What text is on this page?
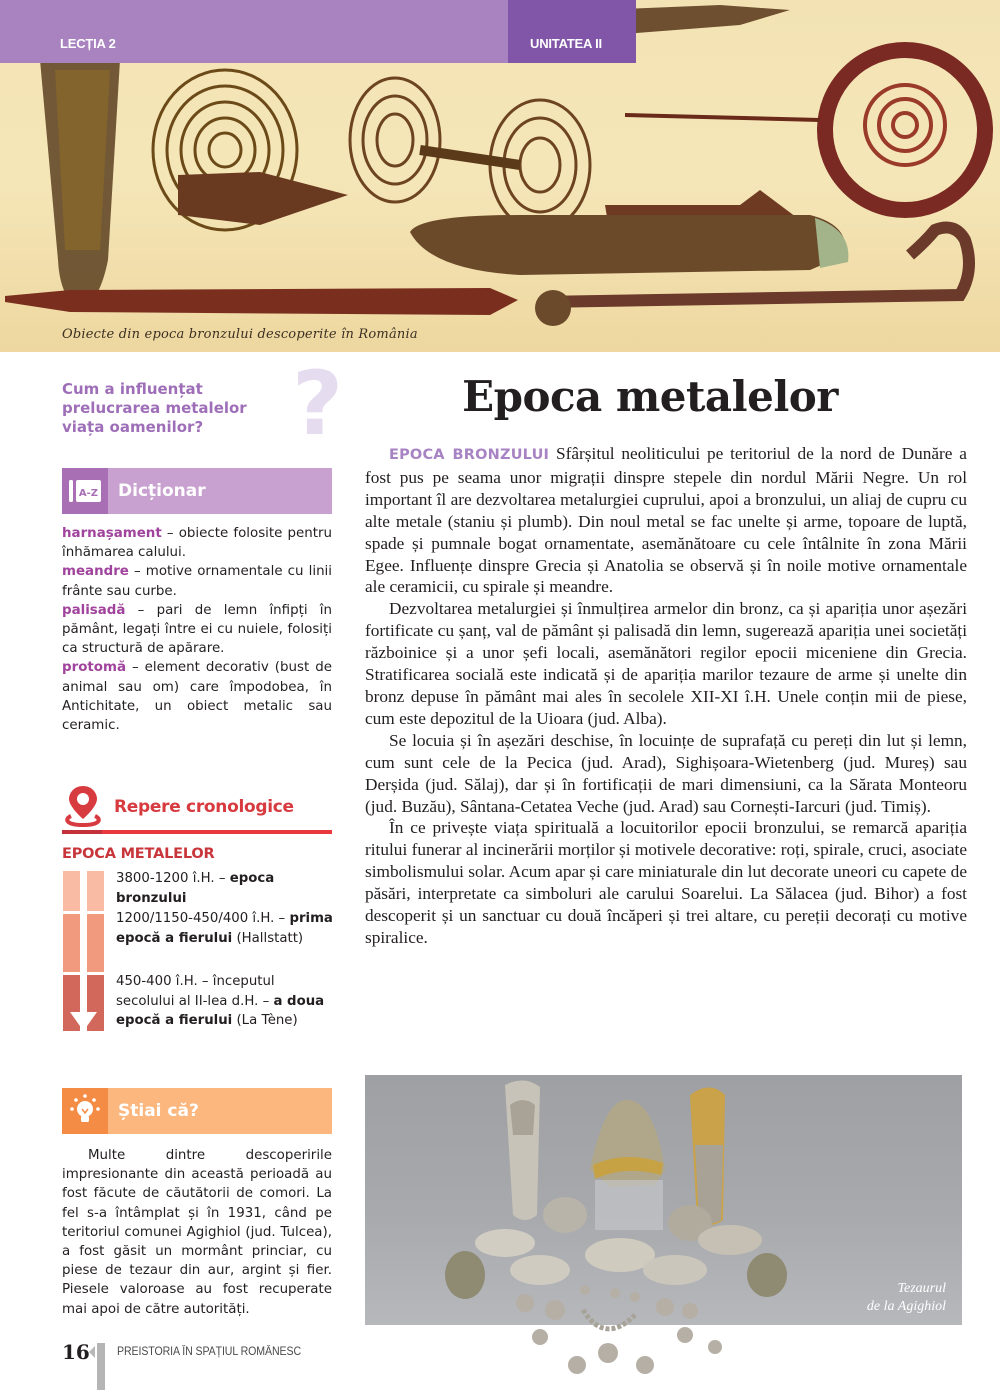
Obiecte din epoca bronzului descoperite în România
LECȚIA 2	UNITATEA II
Cum a influențat prelucrarea metalelor viața oamenilor?	?
A-Z	Dicționar

harnașament – obiecte folosite pentru înhămarea calului.

meandre – motive ornamentale cu linii frânte sau curbe.

palisadă – pari de lemn înfipți în pământ, legați între ei cu nuiele, folosiți ca structură de apărare.

protomă – element decorativ (bust de animal sau om) care împodobea, în Antichitate, un obiect metalic sau ceramic.

Repere cronologice
EPOCA METALELOR
3800-1200 î.H. – epoca bronzului
1200/1150-450/400 î.H. – prima epocă a fierului (Hallstatt)
450-400 î.H. – începutul secolului al II-lea d.H. – a doua epocă a fierului (La Tène)
Știai că?
Multe dintre descoperirile impresionante din această perioadă au fost făcute de căutătorii de comori. La fel s-a întâmplat și în 1931, când pe teritoriul comunei Agighiol (jud. Tulcea), a fost găsit un mormânt princiar, cu piese de tezaur din aur, argint și fier. Piesele valoroase au fost recuperate mai apoi de către autorități.
16 PREISTORIA ÎN SPAȚIUL ROMÂNESC
Epoca metalelor

EPOCA BRONZULUI Sfârșitul neoliticului pe teritoriul de la nord de Dunăre a fost pus pe seama unor migrații dinspre stepele din nordul Mării Negre. Un rol important îl are dezvoltarea metalurgiei cuprului, apoi a bronzului, un aliaj de cupru cu alte metale (staniu și plumb). Din noul metal se fac unelte și arme, topoare de luptă, spade și pumnale bogat ornamentate, asemănătoare cu cele întâlnite în zona Mării Egee. Influențe dinspre Grecia și Anatolia se observă și în noile motive ornamentale ale ceramicii, cu spirale și meandre.

Dezvoltarea metalurgiei și înmulțirea armelor din bronz, ca și apariția unor așezări fortificate cu șanț, val de pământ și palisadă din lemn, sugerează apariția unei societăți războinice și a unor șefi locali, asemănători regilor epocii miceniene din Grecia. Stratificarea socială este indicată și de apariția marilor tezaure de arme și unelte din bronz depuse în pământ mai ales în secolele XII-XI î.H. Unele conțin mii de piese, cum este depozitul de la Uioara (jud. Alba).

Se locuia și în așezări deschise, în locuințe de suprafață cu pereți din lut și lemn, cum sunt cele de la Pecica (jud. Arad), Sighișoara-Wietenberg (jud. Mureș) sau Derșida (jud. Sălaj), dar și în fortificații de mari dimensiuni, ca la Sărata Monteoru (jud. Buzău), Sântana-Cetatea Veche (jud. Arad) sau Cornești-Iarcuri (jud. Timiș).

În ce privește viața spirituală a locuitorilor epocii bronzului, se remarcă apariția ritului funerar al incinerării morților și motivele decorative: roți, spirale, cruci, asociate simbolismului solar. Acum apar și care miniaturale din lut decorate uneori cu capete de păsări, interpretate ca simboluri ale carului Soarelui. La Sălacea (jud. Bihor) a fost descoperit și un sanctuar cu două încăperi și trei altare, cu pereții decorați cu motive spiralice.

Tezaurul
de la Agighiol
